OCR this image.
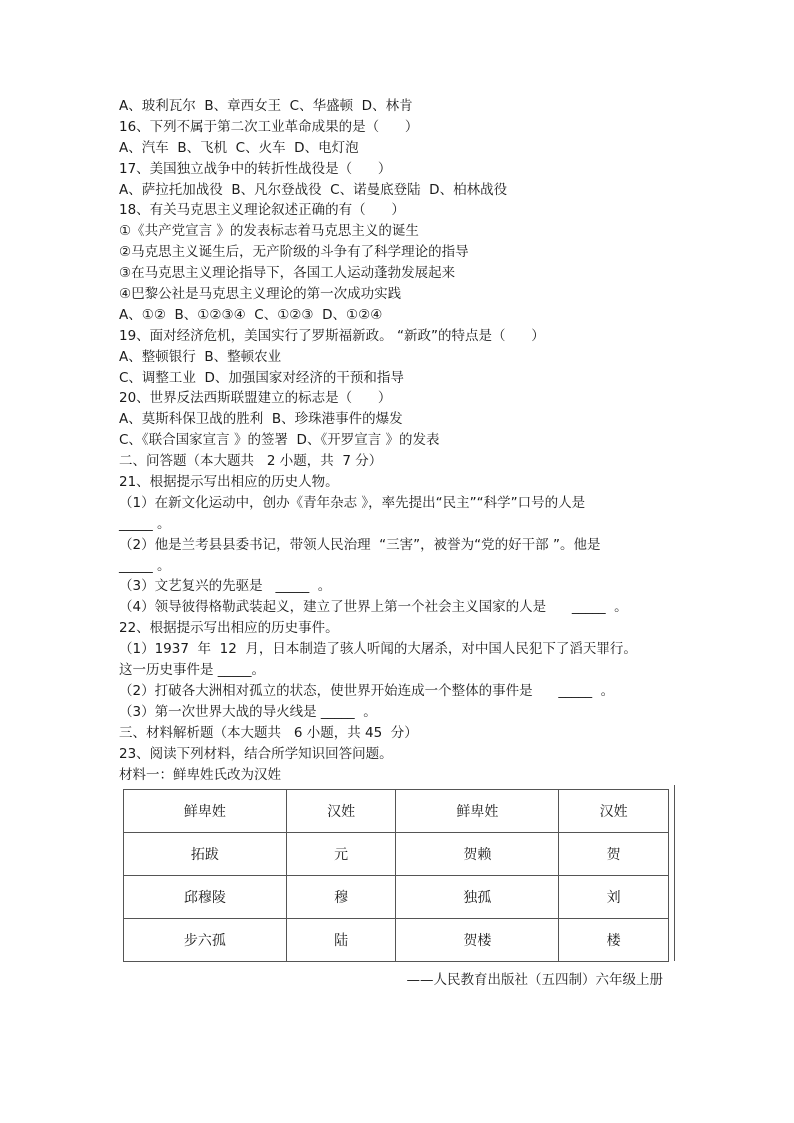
A、玻利瓦尔  B、章西女王  C、华盛顿  D、林肯
16、下列不属于第二次工业革命成果的是（      ）
A、汽车  B、飞机  C、火车  D、电灯泡
17、美国独立战争中的转折性战役是（      ）
A、萨拉托加战役  B、凡尔登战役  C、诺曼底登陆  D、柏林战役
18、有关马克思主义理论叙述正确的有（      ）
①《共产党宣言 》的发表标志着马克思主义的诞生
②马克思主义诞生后，无产阶级的斗争有了科学理论的指导
③在马克思主义理论指导下，各国工人运动蓬勃发展起来
④巴黎公社是马克思主义理论的第一次成功实践
A、①②  B、①②③④  C、①②③  D、①②④
19、面对经济危机，美国实行了罗斯福新政。 “新政”的特点是（      ）
A、整顿银行  B、整顿农业
C、调整工业  D、加强国家对经济的干预和指导
20、世界反法西斯联盟建立的标志是（      ）
A、莫斯科保卫战的胜利  B、珍珠港事件的爆发
C、《联合国家宣言 》的签署  D、《开罗宣言 》的发表
二、问答题（本大题共   2 小题，共  7 分）
21、根据提示写出相应的历史人物。
（1）在新文化运动中，创办《青年杂志 》，率先提出“民主”“科学”口号的人是
_____ 。
（2）他是兰考县县委书记，带领人民治理  “三害”，被誉为“党的好干部 ”。他是
_____ 。
（3）文艺复兴的先驱是   _____  。
（4）领导彼得格勒武装起义，建立了世界上第一个社会主义国家的人是      _____  。
22、根据提示写出相应的历史事件。
（1）1937  年  12  月，日本制造了骇人听闻的大屠杀，对中国人民犯下了滔天罪行。
这一历史事件是 _____。
（2）打破各大洲相对孤立的状态，使世界开始连成一个整体的事件是      _____  。
（3）第一次世界大战的导火线是 _____  。
三、材料解析题（本大题共   6 小题，共 45  分）
23、阅读下列材料，结合所学知识回答问题。
材料一：鲜卑姓氏改为汉姓
鲜卑姓	汉姓	鲜卑姓	汉姓
拓跋	元	贺赖	贺
邱穆陵	穆	独孤	刘
步六孤	陆	贺楼	楼
——人民教育出版社（五四制）六年级上册
